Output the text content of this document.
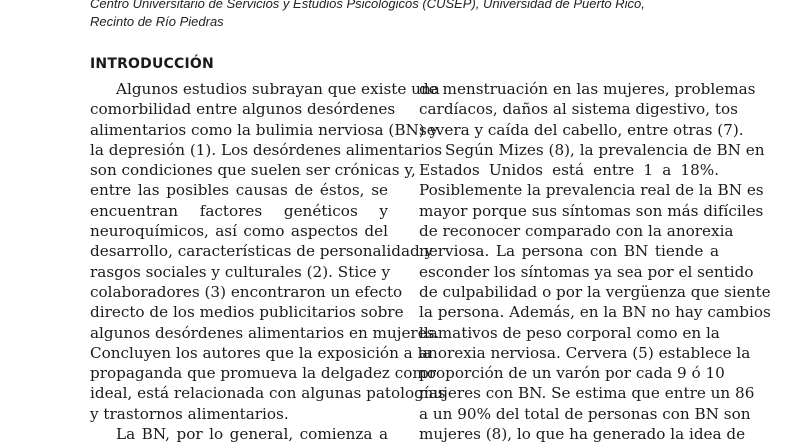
Centro Universitario de Servicios y Estudios Psicológicos (CUSEP), Universidad de Puerto Rico,
Recinto de Río Piedras
INTRODUCCIÓN
Algunos estudios subrayan que existe una
comorbilidad entre algunos desórdenes
alimentarios como la bulimia nerviosa (BN) y
la depresión (1). Los desórdenes alimentarios
son condiciones que suelen ser crónicas y,
entre las posibles causas de éstos, se
encuentran factores genéticos y
neuroquímicos, así como aspectos del
desarrollo, características de personalidad y
rasgos sociales y culturales (2). Stice y
colaboradores (3) encontraron un efecto
directo de los medios publicitarios sobre
algunos desórdenes alimentarios en mujeres.
Concluyen los autores que la exposición a la
propaganda que promueva la delgadez como
ideal, está relacionada con algunas patologías
y trastornos alimentarios.
La BN, por lo general, comienza a
de menstruación en las mujeres, problemas
cardíacos, daños al sistema digestivo, tos
severa y caída del cabello, entre otras (7).
Según Mizes (8), la prevalencia de BN en
Estados Unidos está entre 1 a 18%.
Posiblemente la prevalencia real de la BN es
mayor porque sus síntomas son más difíciles
de reconocer comparado con la anorexia
nerviosa. La persona con BN tiende a
esconder los síntomas ya sea por el sentido
de culpabilidad o por la vergüenza que siente
la persona. Además, en la BN no hay cambios
llamativos de peso corporal como en la
anorexia nerviosa. Cervera (5) establece la
proporción de un varón por cada 9 ó 10
mujeres con BN. Se estima que entre un 86
a un 90% del total de personas con BN son
mujeres (8), lo que ha generado la idea de
